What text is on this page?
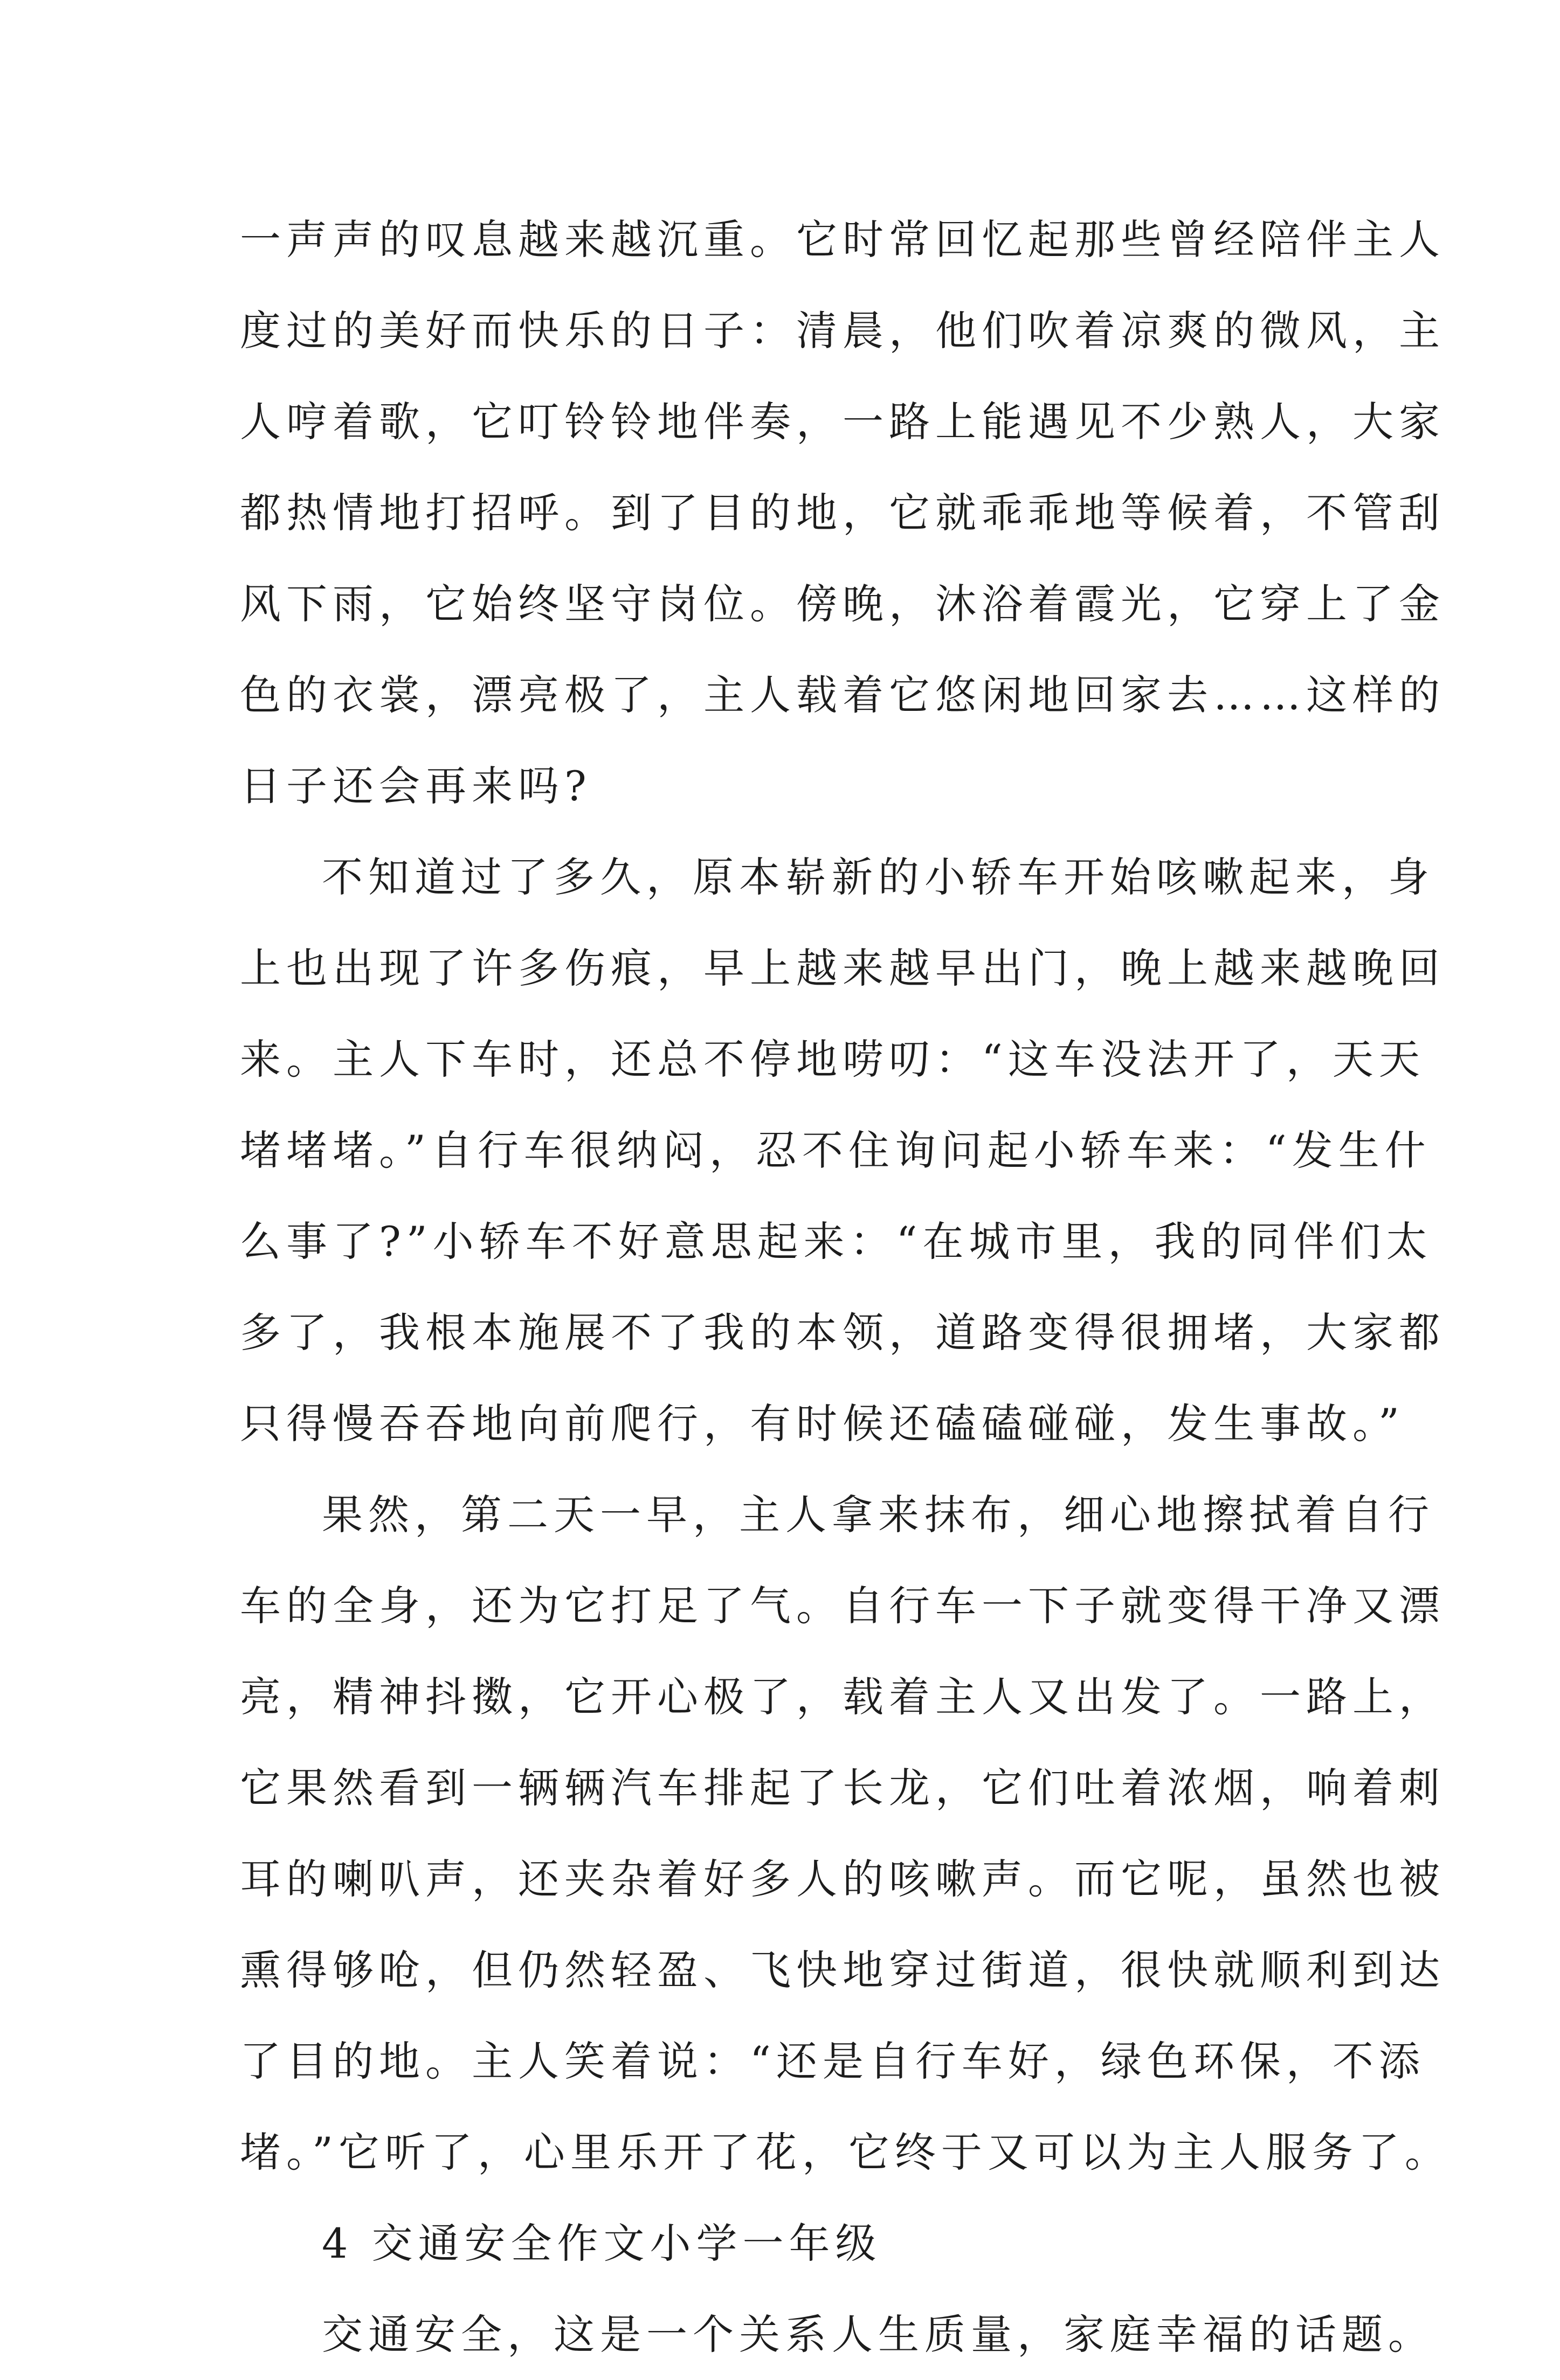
一声声的叹息越来越沉重。它时常回忆起那些曾经陪伴主人
度过的美好而快乐的日子：清晨，他们吹着凉爽的微风，主
人哼着歌，它叮铃铃地伴奏，一路上能遇见不少熟人，大家
都热情地打招呼。到了目的地，它就乖乖地等候着，不管刮
风下雨，它始终坚守岗位。傍晚，沐浴着霞光，它穿上了金
色的衣裳，漂亮极了，主人载着它悠闲地回家去……这样的
日子还会再来吗?
不知道过了多久，原本崭新的小轿车开始咳嗽起来，身
上也出现了许多伤痕，早上越来越早出门，晚上越来越晚回
来。主人下车时，还总不停地唠叨：“这车没法开了，天天
堵堵堵。”自行车很纳闷，忍不住询问起小轿车来：“发生什
么事了?”小轿车不好意思起来：“在城市里，我的同伴们太
多了，我根本施展不了我的本领，道路变得很拥堵，大家都
只得慢吞吞地向前爬行，有时候还磕磕碰碰，发生事故。”
果然，第二天一早，主人拿来抹布，细心地擦拭着自行
车的全身，还为它打足了气。自行车一下子就变得干净又漂
亮，精神抖擞，它开心极了，载着主人又出发了。一路上，
它果然看到一辆辆汽车排起了长龙，它们吐着浓烟，响着刺
耳的喇叭声，还夹杂着好多人的咳嗽声。而它呢，虽然也被
熏得够呛，但仍然轻盈、飞快地穿过街道，很快就顺利到达
了目的地。主人笑着说：“还是自行车好，绿色环保，不添
堵。”它听了，心里乐开了花，它终于又可以为主人服务了。
4 交通安全作文小学一年级
交通安全，这是一个关系人生质量，家庭幸福的话题。
